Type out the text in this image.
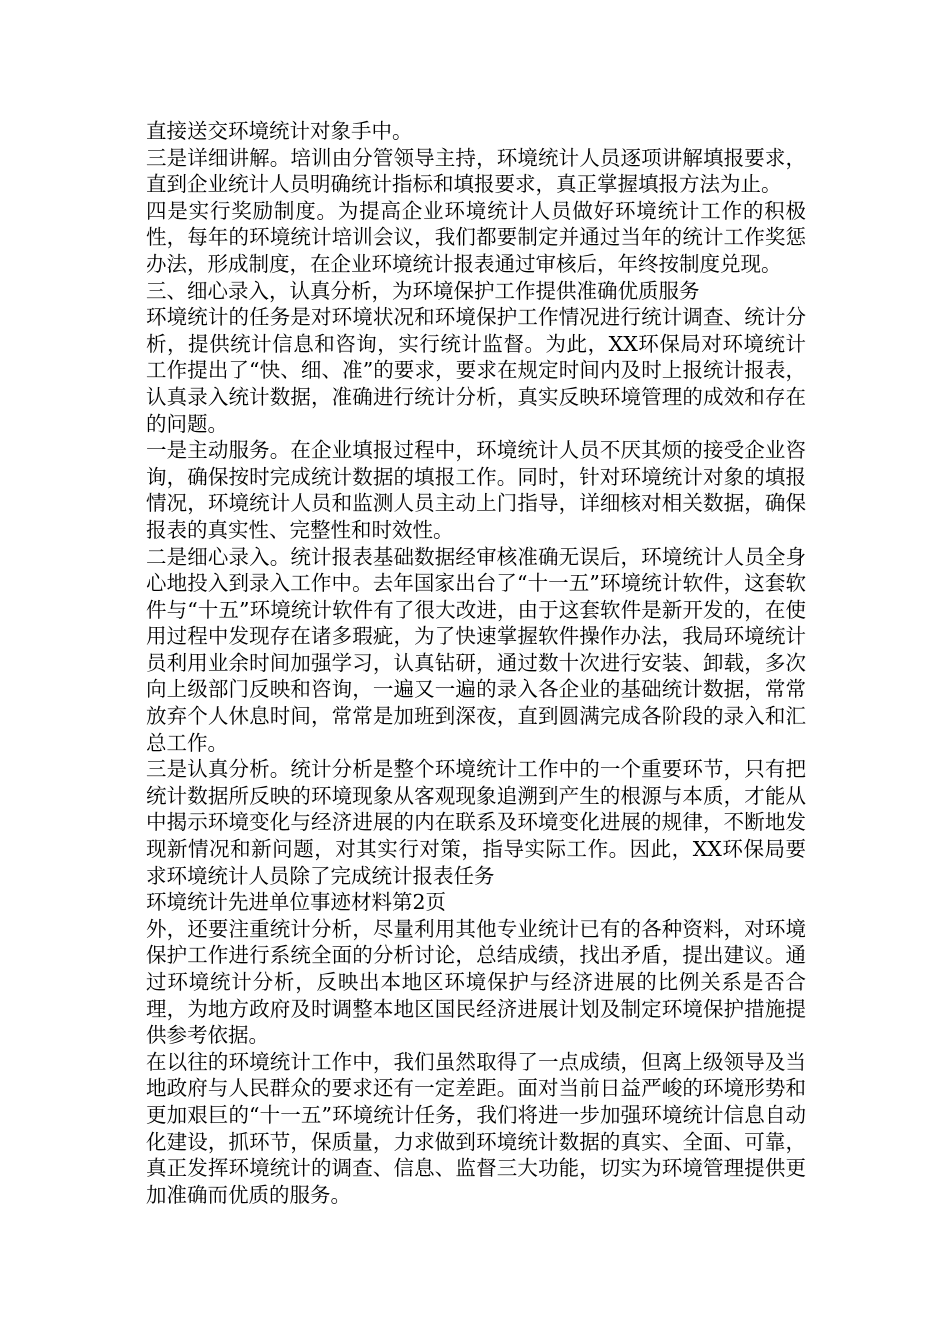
直接送交环境统计对象手中。

三是详细讲解。培训由分管领导主持，环境统计人员逐项讲解填报要求，直到企业统计人员明确统计指标和填报要求，真正掌握填报方法为止。

四是实行奖励制度。为提高企业环境统计人员做好环境统计工作的积极性，每年的环境统计培训会议，我们都要制定并通过当年的统计工作奖惩办法，形成制度，在企业环境统计报表通过审核后，年终按制度兑现。

三、细心录入，认真分析，为环境保护工作提供准确优质服务

环境统计的任务是对环境状况和环境保护工作情况进行统计调查、统计分析，提供统计信息和咨询，实行统计监督。为此，XX环保局对环境统计工作提出了“快、细、准”的要求，要求在规定时间内及时上报统计报表，认真录入统计数据，准确进行统计分析，真实反映环境管理的成效和存在的问题。

一是主动服务。在企业填报过程中，环境统计人员不厌其烦的接受企业咨询，确保按时完成统计数据的填报工作。同时，针对环境统计对象的填报情况，环境统计人员和监测人员主动上门指导，详细核对相关数据，确保报表的真实性、完整性和时效性。

二是细心录入。统计报表基础数据经审核准确无误后，环境统计人员全身心地投入到录入工作中。去年国家出台了“十一五”环境统计软件，这套软件与“十五”环境统计软件有了很大改进，由于这套软件是新开发的，在使用过程中发现存在诸多瑕疵，为了快速掌握软件操作办法，我局环境统计员利用业余时间加强学习，认真钻研，通过数十次进行安装、卸载，多次向上级部门反映和咨询，一遍又一遍的录入各企业的基础统计数据，常常放弃个人休息时间，常常是加班到深夜，直到圆满完成各阶段的录入和汇总工作。

三是认真分析。统计分析是整个环境统计工作中的一个重要环节，只有把统计数据所反映的环境现象从客观现象追溯到产生的根源与本质，才能从中揭示环境变化与经济进展的内在联系及环境变化进展的规律，不断地发现新情况和新问题，对其实行对策，指导实际工作。因此，XX环保局要求环境统计人员除了完成统计报表任务

环境统计先进单位事迹材料第2页

外，还要注重统计分析，尽量利用其他专业统计已有的各种资料，对环境保护工作进行系统全面的分析讨论，总结成绩，找出矛盾，提出建议。通过环境统计分析，反映出本地区环境保护与经济进展的比例关系是否合理，为地方政府及时调整本地区国民经济进展计划及制定环境保护措施提供参考依据。

在以往的环境统计工作中，我们虽然取得了一点成绩，但离上级领导及当地政府与人民群众的要求还有一定差距。面对当前日益严峻的环境形势和更加艰巨的“十一五”环境统计任务，我们将进一步加强环境统计信息自动化建设，抓环节，保质量，力求做到环境统计数据的真实、全面、可靠，真正发挥环境统计的调查、信息、监督三大功能，切实为环境管理提供更加准确而优质的服务。
